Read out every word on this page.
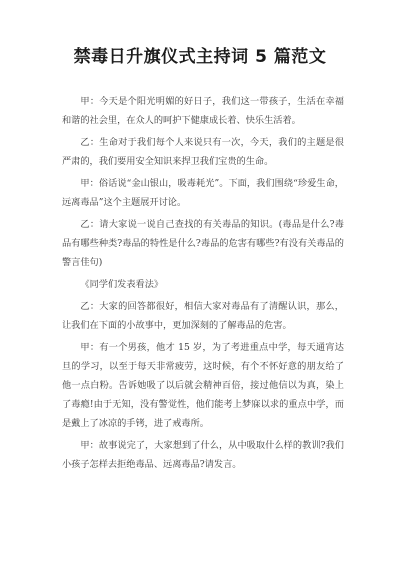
禁毒日升旗仪式主持词 5 篇范文

甲：今天是个阳光明媚的好日子，我们这一带孩子，生活在幸福和谐的社会里，在众人的呵护下健康成长着、快乐生活着。

乙：生命对于我们每个人来说只有一次，今天，我们的主题是很严肃的，我们要用安全知识来捍卫我们宝贵的生命。

甲：俗话说“金山银山，吸毒耗光”。下面，我们围绕“珍爱生命，远离毒品”这个主题展开讨论。

乙：请大家说一说自己查找的有关毒品的知识。(毒品是什么?毒品有哪些种类?毒品的特性是什么?毒品的危害有哪些?有没有关毒品的警言佳句)

《同学们发表看法》

乙：大家的回答都很好，相信大家对毒品有了清醒认识，那么，让我们在下面的小故事中，更加深刻的了解毒品的危害。

甲：有一个男孩，他才 15 岁，为了考进重点中学，每天通宵达旦的学习，以至于每天非常疲劳，这时候，有个不怀好意的朋友给了他一点白粉。告诉她吸了以后就会精神百倍，接过他信以为真，染上了毒瘾!由于无知，没有警觉性，他们能考上梦寐以求的重点中学，而是戴上了冰凉的手铐，进了戒毒所。

甲：故事说完了，大家想到了什么，从中吸取什么样的教训?我们小孩子怎样去拒绝毒品、远离毒品?请发言。
